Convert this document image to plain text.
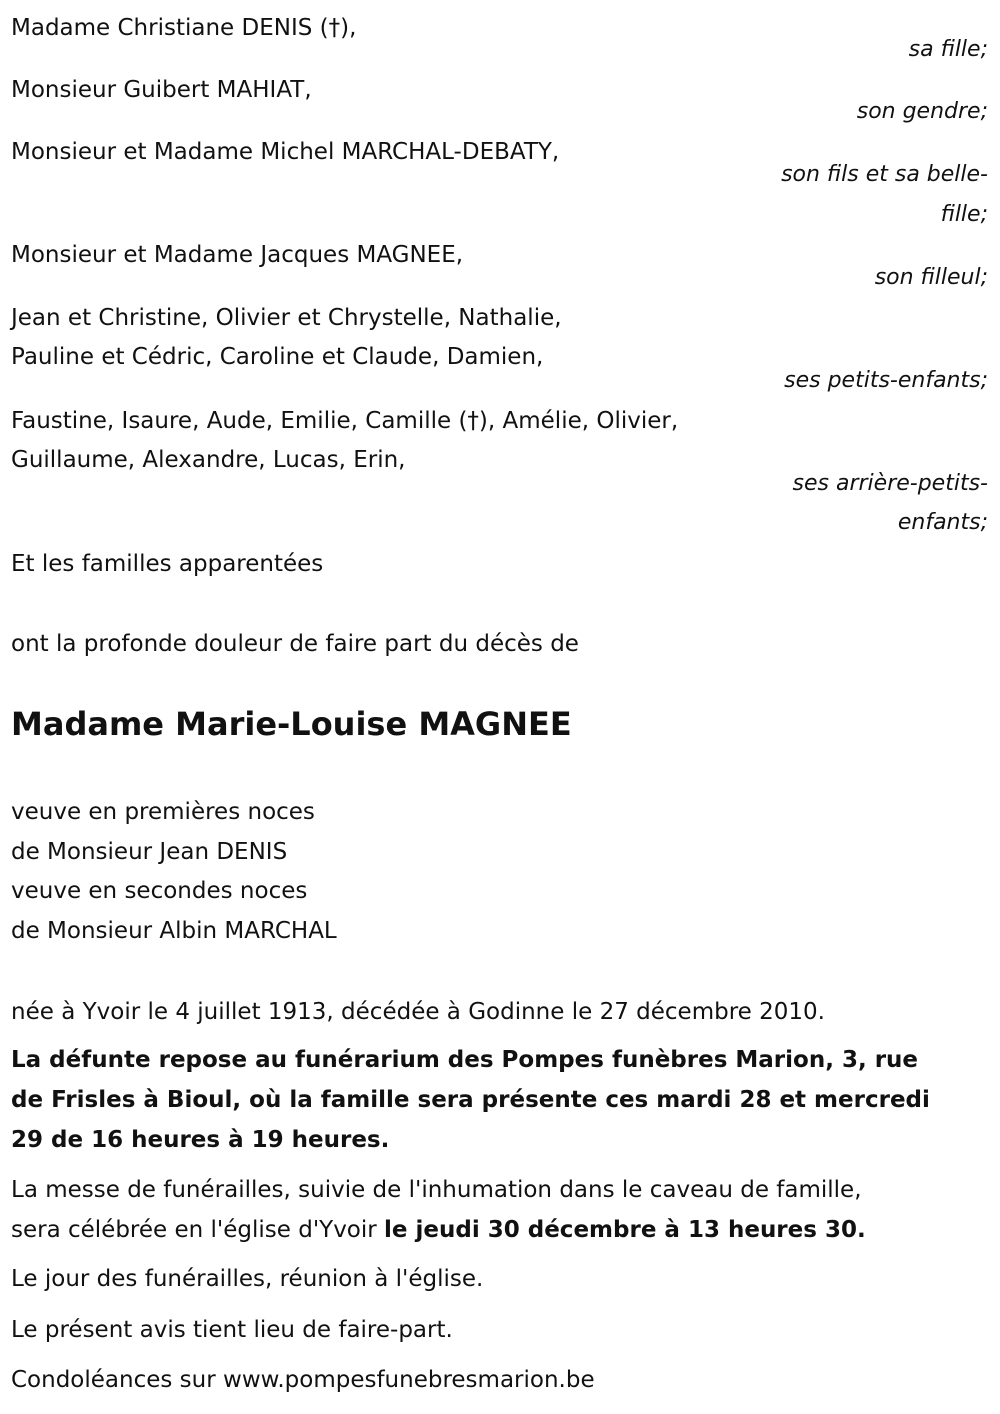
Madame Christiane DENIS (†),
sa fille;
Monsieur Guibert MAHIAT,
son gendre;
Monsieur et Madame Michel MARCHAL-DEBATY,
son fils et sa belle-
fille;
Monsieur et Madame Jacques MAGNEE,
son filleul;
Jean et Christine, Olivier et Chrystelle, Nathalie,
Pauline et Cédric, Caroline et Claude, Damien,
ses petits-enfants;
Faustine, Isaure, Aude, Emilie, Camille (†), Amélie, Olivier,
Guillaume, Alexandre, Lucas, Erin,
ses arrière-petits-
enfants;
Et les familles apparentées
ont la profonde douleur de faire part du décès de
Madame Marie-Louise MAGNEE
veuve en premières noces
de Monsieur Jean DENIS
veuve en secondes noces
de Monsieur Albin MARCHAL
née à Yvoir le 4 juillet 1913, décédée à Godinne le 27 décembre 2010.
La défunte repose au funérarium des Pompes funèbres Marion, 3, rue
de Frisles à Bioul, où la famille sera présente ces mardi 28 et mercredi
29 de 16 heures à 19 heures.
La messe de funérailles, suivie de l'inhumation dans le caveau de famille,
sera célébrée en l'église d'Yvoir le jeudi 30 décembre à 13 heures 30.
Le jour des funérailles, réunion à l'église.
Le présent avis tient lieu de faire-part.
Condoléances sur www.pompesfunebresmarion.be
